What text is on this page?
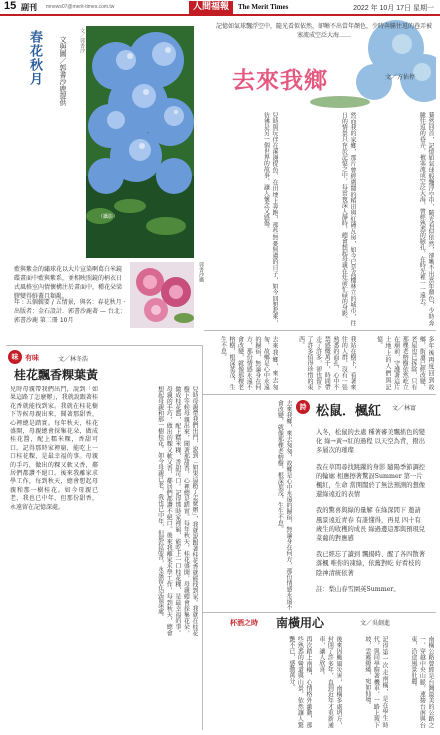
15 副刊 mnews07@merit-times.com.tw	人間福報	The Merit Times	2022 年 10月 17日 星期一
春花秋月 文與圖／郭書沙鹿提供 文／郭書沙
（攝影）
藍與紫金的繡球花以大片宣染啊葛白米鏡碟畫面中藍與紫系，並相映照鏡的柄衣日式風格室內情懷構注於畫面中，種花朵梁膠變得鮮蓋且類亂。
年 : 五個輯要 / 五情景，與名：春花秋月 · 出版者：金石設計．郭書沙鹿著 — 台北：郭書沙鹿 第二冊 10月
郭書沙攝
記憶如氣球飄浮空中，隨光看似依然，卻晰不出當年顏色，少時奔騰往返的巷弄被塞流成空泛大海……
去來我鄉	文／方佑停
驀然回首，記憶如氣球般飄浮空中，隨光看似依然，卻晰不出當年顏色，少時奔騰往返的巷弄，被塞流成空泛大海，曾經熟悉的臉孔，在時光裡一一遠去。
然而我的家鄉，那片曾經廣闊的稻田與紅磚瓦房，如今已是高樓林立的城市，往日的情景只存於記憶之中，每當夜深人靜時，總會想起母親在灶前忙碌的身影。
兒時與玩伴在溪邊捉魚、在田埂上奔跑，那些無憂無慮的日子，如今回想起來，彷彿是另一個世界的故事，讓人懷念又感傷。
多年後再度回到故鄉，街道已經改變，老屋也已拆除，只有那棵老榕樹依然屹立在廟前，守護著這片土地上的人們與記憶。
我站在樹下，看著來往的人群，沒有一張熟悉的面孔，心中不禁感慨萬千，時間帶走了許多，卻也留下了許多值得珍惜的東西。
去來我鄉，來去匆匆，故鄉是心中永遠的歸宿，無論身在何方，那份情感永遠不會改變，就像那棵老榕樹，根深葉茂，生生不息。
味 有味	文／林冬浩
桂花飄香粿葉黃
兒時母親帶我們出門，說到「如果這路了怎麼辦」，我就說跟著桂花香就能找到家。我就在桂花樹下等候母親出來，聞著那甜香，心裡總是踏實。每年秋天，桂花盛開，母親總會採集花朵，做成桂花醬，配上糯米粿，香甜可口。記得那時家裡窮，能吃上一口桂花粿，是最幸福的事。母親的手巧，做出的粿又軟又香，鄰居們都讚不絕口。後來我離家求學工作，每到秋天，總會想起母親和那一樹桂花。如今母親已老，我也已中年，但那份甜香，永遠留在記憶深處。	兒時母親帶我們出門，說到「如果這路了怎麼辦」，我就說跟著桂花香就能找到家。我就在桂花樹下等候母親出來，聞著那甜香，心裡總是踏實。每年秋天，桂花盛開，母親總會採集花朵，做成桂花醬，配上糯米粿，香甜可口。記得那時家裡窮，能吃上一口桂花粿，是最幸福的事。母親的手巧，做出的粿又軟又香，鄰居們都讚不絕口。後來我離家求學工作，每到秋天，總會想起母親和那一樹桂花。如今母親已老，我也已中年，但那份甜香，永遠留在記憶深處。	詩 松鼠．楓紅 文／林甯

入冬，松鼠的去處 種著審美飄搖色的變化 綠→黃→紅的過程 以天空為背，撥出多層次的璀璨

我在草間尋找跳躍的身影 隨陽季節調控的輪廓 相應擦著驚訝Summer 第一片楓紅，生命 當開闊於了無法預測的想像 還綠遠近的表情

我的驚喜與綠的量解 在綠深間下 邀請風景遠近青春 有誰懂得，再見 四十有歲生的收穫的成長 綠過邊這那與預現兒菜葡的對應感

我已經忘了讀到 飄揚時、醒了各四散著落楓 唯你的凍綠，依舊對屹 好看枝的陰神清統依著

註：梨山春雪園英Summer。

去來我鄉，來去匆匆，故鄉是心中永遠的歸宿，無論身在何方，那份情感永遠不會改變，就像那棵老榕樹，根深葉茂，生生不息。
杯酒之時 南橫用心	文／吳劍進
南橫公路曾經是台灣最美的公路之一，穿越中央山脈，連接台南與台東，沿途風景壯麗。
記得第一次走南橫，是在學生時代，與同學騎著機車，一路上坡下坡，雲霧繚繞，宛如仙境。
後來因颱風災害，南橫多處坍方，封閉了許多年，直到近年才重新通車，讓人欣喜。
再次踏上南橫，心情格外激動，那些熟悉的彎道與山景，依然讓人驚艷不已，感動萬分。
